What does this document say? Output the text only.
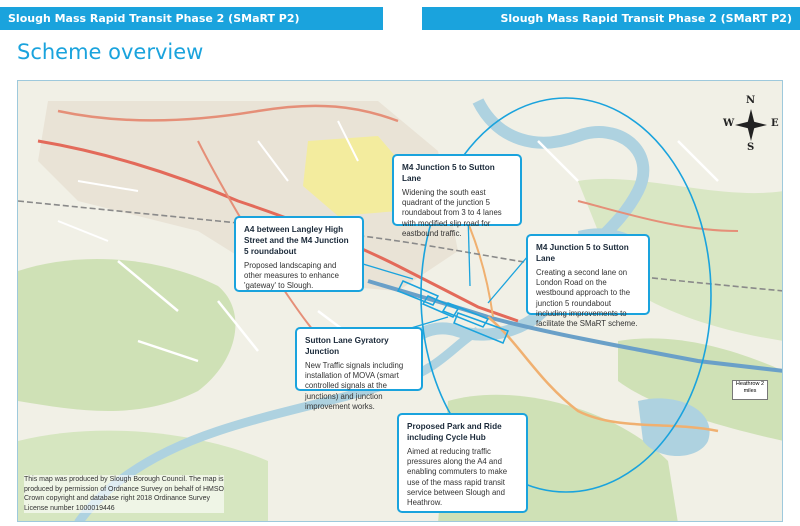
Slough Mass Rapid Transit Phase 2 (SMaRT P2)	Slough Mass Rapid Transit Phase 2 (SMaRT P2)
Scheme overview
N
E
S
W
Heathrow 2 miles
M4 Junction 5 to Sutton Lane
Widening the south east quadrant of the junction 5 roundabout from 3 to 4 lanes with modified slip road for eastbound traffic.
A4 between Langley High Street and the M4 Junction 5 roundabout
Proposed landscaping and other measures to enhance 'gateway' to Slough.
M4 Junction 5 to Sutton Lane
Creating a second lane on London Road on the westbound approach to the junction 5 roundabout including improvements to facilitate the SMaRT scheme.
Sutton Lane Gyratory Junction
New Traffic signals including installation of MOVA (smart controlled signals at the junctions) and junction improvement works.
Proposed Park and Ride including Cycle Hub
Aimed at reducing traffic pressures along the A4 and enabling commuters to make use of the mass rapid transit service between Slough and Heathrow.
This map was produced by Slough Borough Council. The map is produced by permission of Ordnance Survey on behalf of HMSO Crown copyright and database right 2018 Ordinance Survey License number 1000019446
